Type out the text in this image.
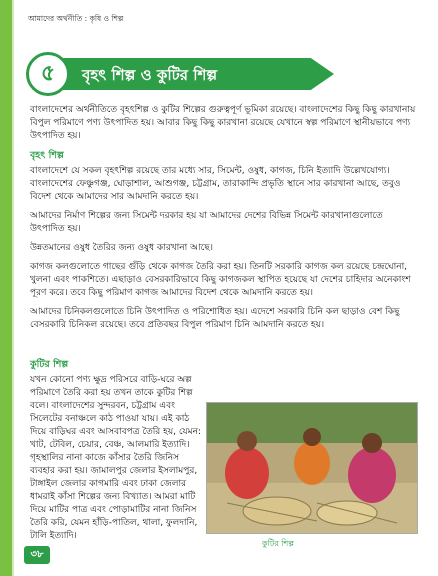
আমাদের অর্থনীতি : কৃষি ও শিল্প
৫ বৃহৎ শিল্প ও কুটির শিল্প

বাংলাদেশের অর্থনীতিতে বৃহৎশিল্প ও কুটির শিল্পের গুরুত্বপূর্ণ ভূমিকা রয়েছে। বাংলাদেশের কিছু কিছু কারখানায় বিপুল পরিমাণে পণ্য উৎপাদিত হয়। আবার কিছু কিছু কারখানা রয়েছে যেখানে স্বল্প পরিমাণে স্থানীয়ভাবে পণ্য উৎপাদিত হয়।

বৃহৎ শিল্প

বাংলাদেশে যে সকল বৃহৎশিল্প রয়েছে তার মধ্যে সার, সিমেন্ট, ওষুধ, কাগজ, চিনি ইত্যাদি উল্লেখযোগ্য। বাংলাদেশের ফেঞ্চুগঞ্জ, ঘোড়াশাল, আশুগঞ্জ, চট্টগ্রাম, তারাকান্দি প্রভৃতি স্থানে সার কারখানা আছে, তবুও বিদেশ থেকে আমাদের সার আমদানি করতে হয়।

আমাদের নির্মাণ শিল্পের জন্য সিমেন্ট দরকার হয় যা আমাদের দেশের বিভিন্ন সিমেন্ট কারখানাগুলোতে উৎপাদিত হয়।

উন্নতমানের ওষুধ তৈরির জন্য ওষুধ কারখানা আছে।

কাগজ কলগুলোতে গাছের গুঁড়ি থেকে কাগজ তৈরি করা হয়। তিনটি সরকারি কাগজ কল রয়েছে চন্দ্রঘোনা, খুলনা এবং পাকশিতে। এছাড়াও বেসরকারিভাবে কিছু কাগজকল স্থাপিত হয়েছে যা দেশের চাহিদার অনেকাংশ পূরণ করে। তবে কিছু পরিমাণ কাগজ আমাদের বিদেশ থেকে আমদানি করতে হয়।

আমাদের চিনিকলগুলোতে চিনি উৎপাদিত ও পরিশোধিত হয়। এদেশে সরকারি চিনি কল ছাড়াও বেশ কিছু বেসরকারি চিনিকল রয়েছে। তবে প্রতিবছর বিপুল পরিমাণ চিনি আমদানি করতে হয়।

কুটির শিল্প

যখন কোনো পণ্য ক্ষুদ্র পরিসরে বাড়ি-ঘরে অল্প পরিমাণে তৈরি করা হয় তখন তাকে কুটির শিল্প বলে। বাংলাদেশের সুন্দরবন, চট্টগ্রাম এবং সিলেটের বনাঞ্চলে কাঠ পাওয়া যায়। এই কাঠ দিয়ে বাড়িঘর এবং আসবাবপত্র তৈরি হয়, যেমন: খাট, টেবিল, চেয়ার, বেঞ্চ, আলমারি ইত্যাদি। গৃহস্থালির নানা কাজে কাঁসার তৈরি জিনিস ব্যবহার করা হয়। জামালপুর জেলার ইসলামপুর, টাঙ্গাইল জেলার কাগমারি এবং ঢাকা জেলার ধামরাই কাঁসা শিল্পের জন্য বিখ্যাত। আমরা মাটি দিয়ে মাটির পাত্র এবং পোড়ামাটির নানা জিনিস তৈরি করি, যেমন হাঁড়ি-পাতিল, থালা, ফুলদানি, টালি ইত্যাদি।

কুটির শিল্প
৩৮
